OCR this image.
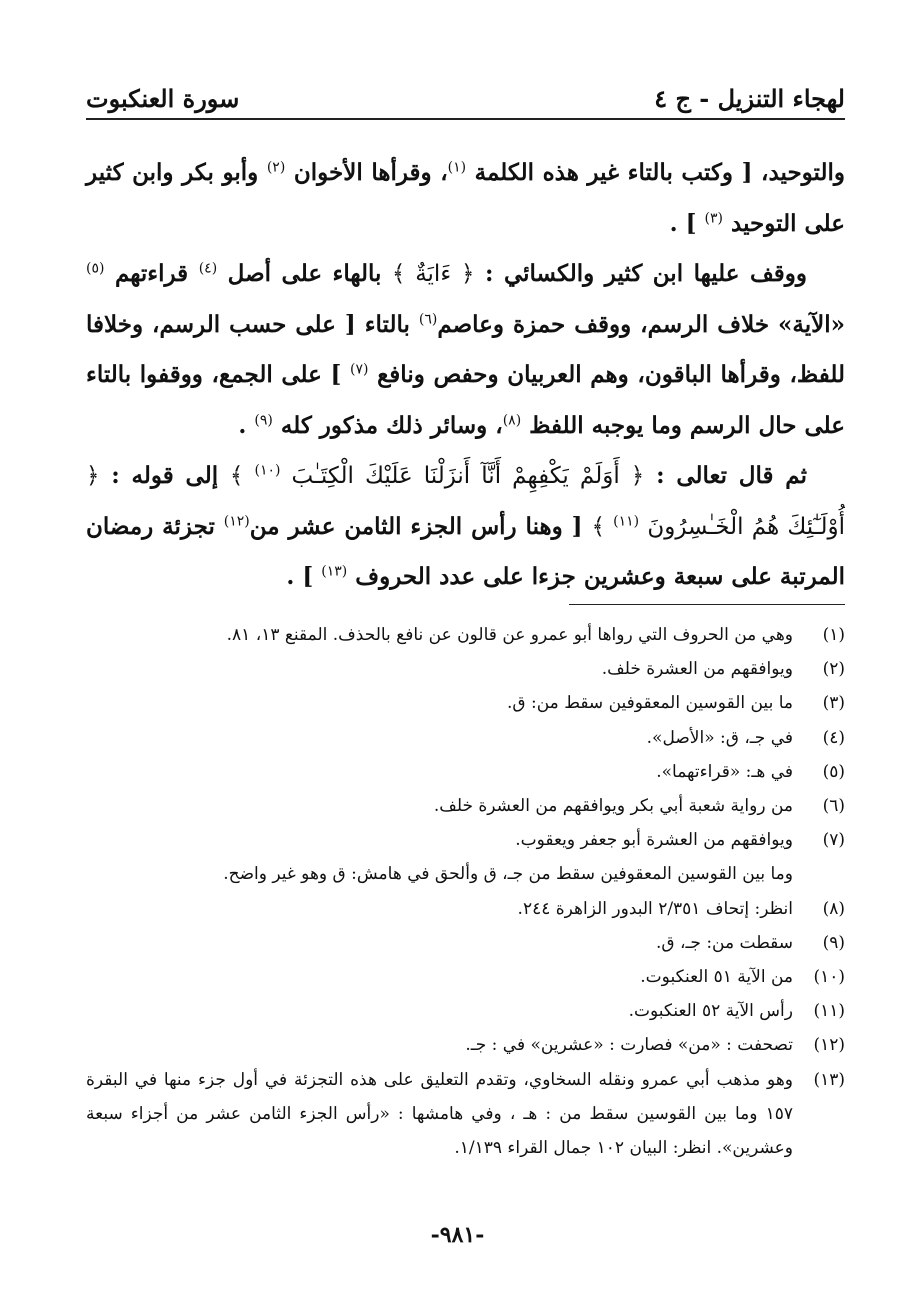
لهجاء التنزيل - ج ٤
سورة العنكبوت

والتوحيد، [ وكتب بالتاء غير هذه الكلمة $^{(١)}$، وقرأها الأخوان $^{(٢)}$ وأبو بكر وابن كثير على التوحيد $^{(٣)}$ ] .

ووقف عليها ابن كثير والكسائي : ﴿ ءَايَةٌ ﴾ بالهاء على أصل $^{(٤)}$ قراءتهم $^{(٥)}$ «الآية» خلاف الرسم، ووقف حمزة وعاصم$^{(٦)}$ بالتاء [ على حسب الرسم، وخلافا للفظ، وقرأها الباقون، وهم العربيان وحفص ونافع $^{(٧)}$ ] على الجمع، ووقفوا بالتاء على حال الرسم وما يوجبه اللفظ $^{(٨)}$، وسائر ذلك مذكور كله $^{(٩)}$ .

ثم قال تعالى : ﴿ أَوَلَمْ يَكْفِهِمْ أَنَّآ أَنزَلْنَا عَلَيْكَ الْكِتَـٰبَ $^{(١٠)}$ ﴾ إلى قوله : ﴿ أُوْلَـٰٓئِكَ هُمُ الْخَـٰسِرُونَ $^{(١١)}$ ﴾ [ وهنا رأس الجزء الثامن عشر من$^{(١٢)}$ تجزئة رمضان المرتبة على سبعة وعشرين جزءا على عدد الحروف $^{(١٣)}$ ] .

(١)
وهي من الحروف التي رواها أبو عمرو عن قالون عن نافع بالحذف. المقنع ١٣، ٨١.
(٢)
ويوافقهم من العشرة خلف.
(٣)
ما بين القوسين المعقوفين سقط من: ق.
(٤)
في جـ، ق: «الأصل».
(٥)
في هـ: «قراءتهما».
(٦)
من رواية شعبة أبي بكر ويوافقهم من العشرة خلف.
(٧)
ويوافقهم من العشرة أبو جعفر ويعقوب.
وما بين القوسين المعقوفين سقط من جـ، ق وألحق في هامش: ق وهو غير واضح.
(٨)
انظر: إتحاف ٢/٣٥١ البدور الزاهرة ٢٤٤.
(٩)
سقطت من: جـ، ق.
(١٠)
من الآية ٥١ العنكبوت.
(١١)
رأس الآية ٥٢ العنكبوت.
(١٢)
تصحفت : «من» فصارت : «عشرين» في : جـ.
(١٣)
وهو مذهب أبي عمرو ونقله السخاوي، وتقدم التعليق على هذه التجزئة في أول جزء منها في البقرة ١٥٧ وما بين القوسين سقط من : هـ ، وفي هامشها : «رأس الجزء الثامن عشر من أجزاء سبعة وعشرين». انظر: البيان ١٠٢ جمال القراء ١/١٣٩.
-٩٨١-
